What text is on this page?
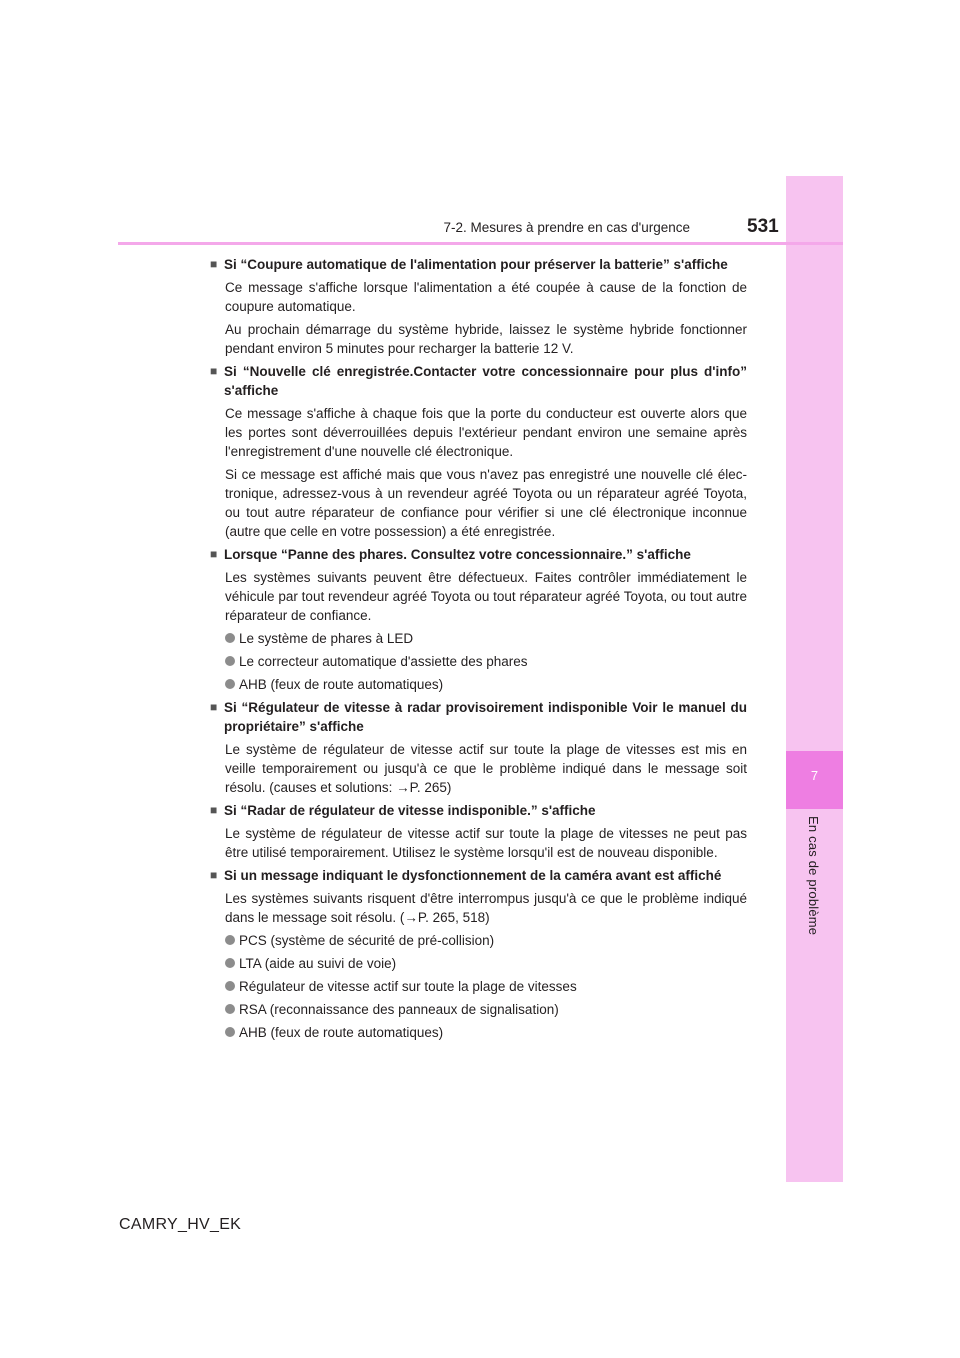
7
En cas de problème
7-2. Mesures à prendre en cas d'urgence	531
■ Si “Coupure automatique de l'alimentation pour préserver la batterie” s'affiche
Ce message s'affiche lorsque l'alimentation a été coupée à cause de la fonction de coupure automatique.
Au prochain démarrage du système hybride, laissez le système hybride fonctionner pendant environ 5 minutes pour recharger la batterie 12 V.
■ Si “Nouvelle clé enregistrée.Contacter votre concessionnaire pour plus d'info” s'affiche
Ce message s'affiche à chaque fois que la porte du conducteur est ouverte alors que les portes sont déverrouillées depuis l'extérieur pendant environ une semaine après l'enregistrement d'une nouvelle clé électronique.
Si ce message est affiché mais que vous n'avez pas enregistré une nouvelle clé élec-tronique, adressez-vous à un revendeur agréé Toyota ou un réparateur agréé Toyota, ou tout autre réparateur de confiance pour vérifier si une clé électronique inconnue (autre que celle en votre possession) a été enregistrée.
■ Lorsque “Panne des phares. Consultez votre concessionnaire.” s'affiche
Les systèmes suivants peuvent être défectueux. Faites contrôler immédiatement le véhicule par tout revendeur agréé Toyota ou tout réparateur agréé Toyota, ou tout autre réparateur de confiance.
Le système de phares à LED
Le correcteur automatique d'assiette des phares
AHB (feux de route automatiques)
■ Si “Régulateur de vitesse à radar provisoirement indisponible Voir le manuel du propriétaire” s'affiche
Le système de régulateur de vitesse actif sur toute la plage de vitesses est mis en veille temporairement ou jusqu'à ce que le problème indiqué dans le message soit résolu. (causes et solutions: →P. 265)
■ Si “Radar de régulateur de vitesse indisponible.” s'affiche
Le système de régulateur de vitesse actif sur toute la plage de vitesses ne peut pas être utilisé temporairement. Utilisez le système lorsqu'il est de nouveau disponible.
■ Si un message indiquant le dysfonctionnement de la caméra avant est affiché
Les systèmes suivants risquent d'être interrompus jusqu'à ce que le problème indiqué dans le message soit résolu. (→P. 265, 518)
PCS (système de sécurité de pré-collision)
LTA (aide au suivi de voie)
Régulateur de vitesse actif sur toute la plage de vitesses
RSA (reconnaissance des panneaux de signalisation)
AHB (feux de route automatiques)
CAMRY_HV_EK
